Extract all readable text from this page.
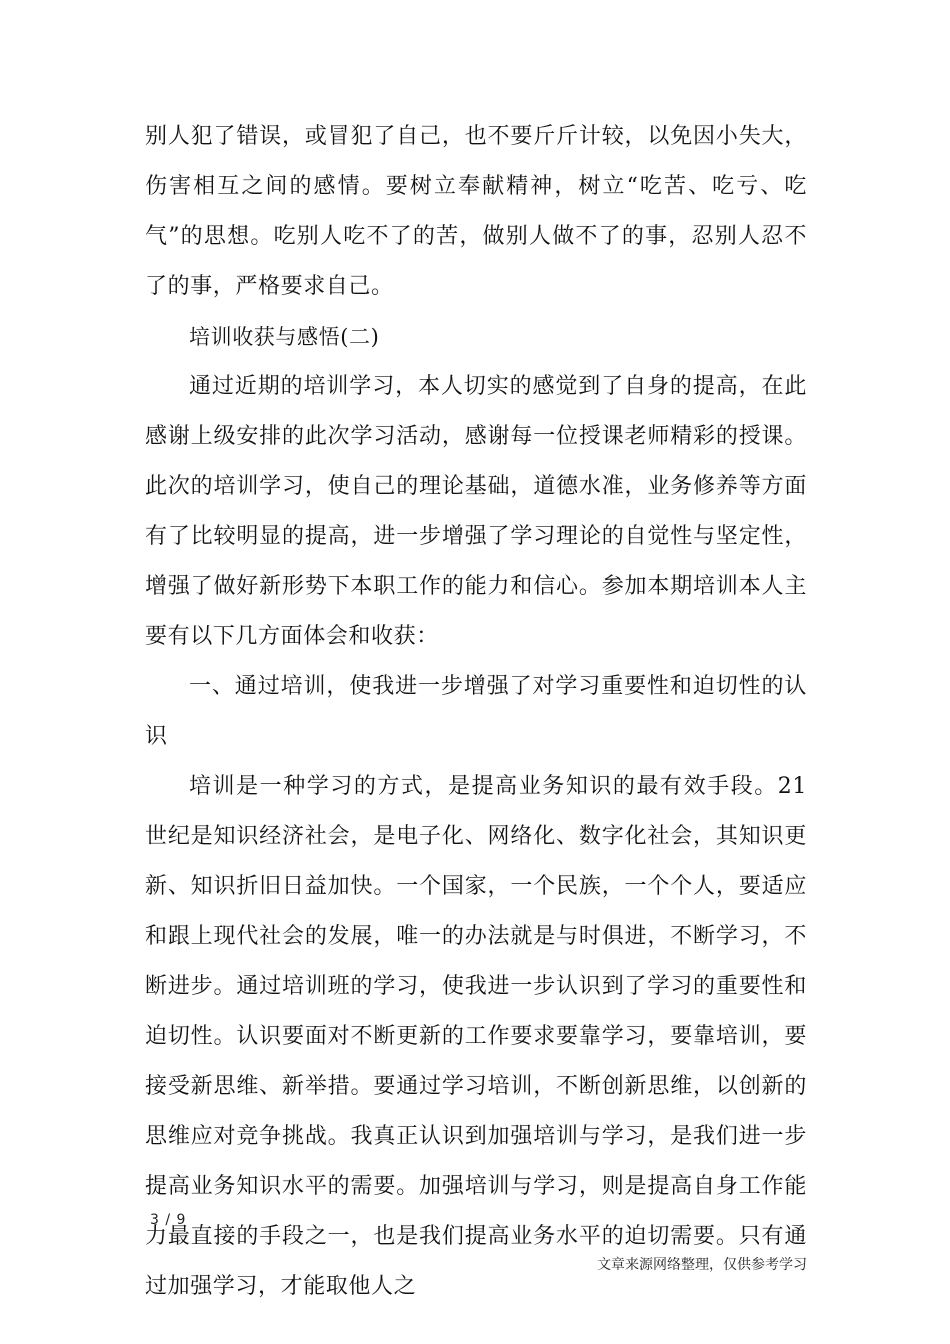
别人犯了错误，或冒犯了自己，也不要斤斤计较，以免因小失大，伤害相互之间的感情。要树立奉献精神，树立“吃苦、吃亏、吃气”的思想。吃别人吃不了的苦，做别人做不了的事，忍别人忍不了的事，严格要求自己。

培训收获与感悟(二)

通过近期的培训学习，本人切实的感觉到了自身的提高，在此感谢上级安排的此次学习活动，感谢每一位授课老师精彩的授课。此次的培训学习，使自己的理论基础，道德水准，业务修养等方面有了比较明显的提高，进一步增强了学习理论的自觉性与坚定性，增强了做好新形势下本职工作的能力和信心。参加本期培训本人主要有以下几方面体会和收获：

一、通过培训，使我进一步增强了对学习重要性和迫切性的认识

培训是一种学习的方式，是提高业务知识的最有效手段。21 世纪是知识经济社会，是电子化、网络化、数字化社会，其知识更新、知识折旧日益加快。一个国家，一个民族，一个个人，要适应和跟上现代社会的发展，唯一的办法就是与时俱进，不断学习，不断进步。通过培训班的学习，使我进一步认识到了学习的重要性和迫切性。认识要面对不断更新的工作要求要靠学习，要靠培训，要接受新思维、新举措。要通过学习培训，不断创新思维，以创新的思维应对竞争挑战。我真正认识到加强培训与学习，是我们进一步提高业务知识水平的需要。加强培训与学习，则是提高自身工作能力最直接的手段之一，也是我们提高业务水平的迫切需要。只有通过加强学习，才能取他人之

3 / 9
文章来源网络整理，仅供参考学习
